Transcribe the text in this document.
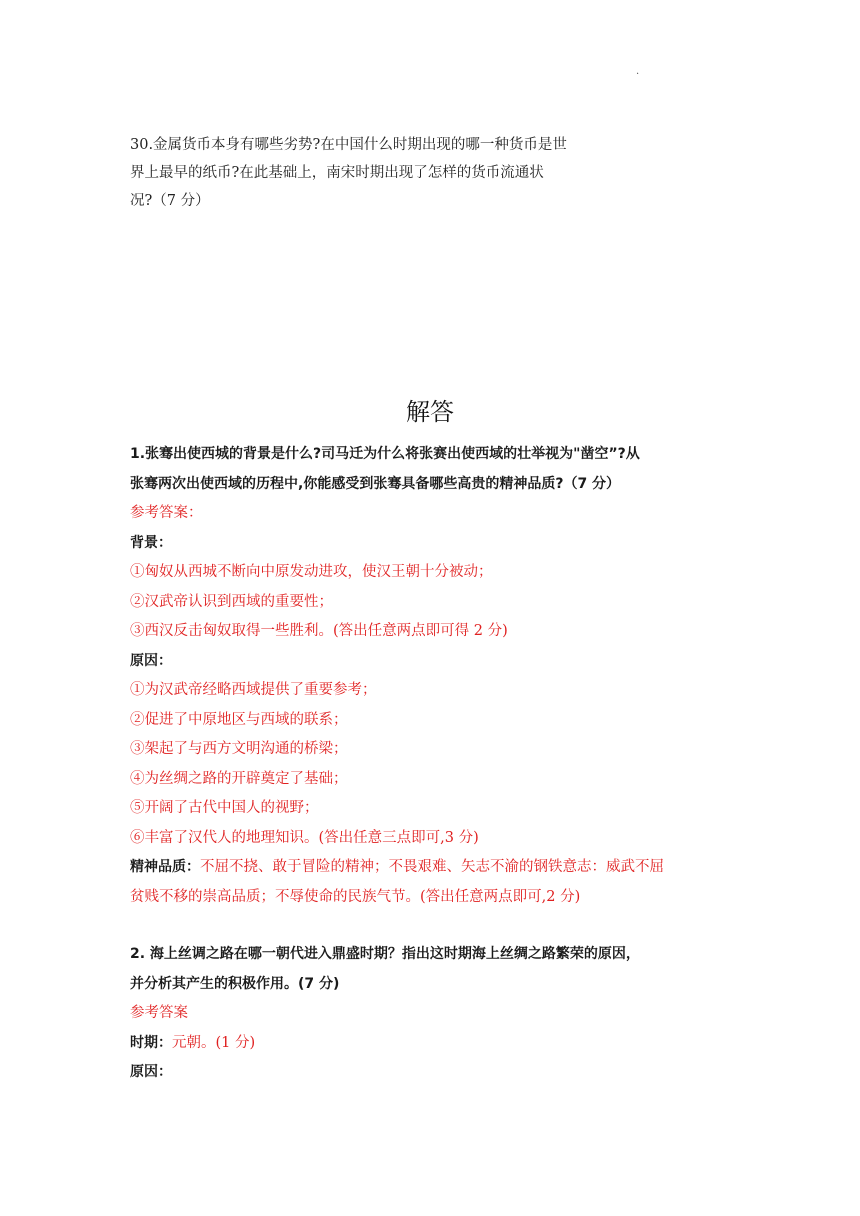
.

30.金属货币本身有哪些劣势?在中国什么时期出现的哪一种货币是世

界上最早的纸币?在此基础上，南宋时期出现了怎样的货币流通状

况?（7 分）

解答
1.张骞出使西城的背景是什么?司马迁为什么将张赛出使西域的壮举视为"凿空”?从
张骞两次出使西域的历程中,你能感受到张骞具备哪些高贵的精神品质?（7 分）
参考答案：
背景：
①匈奴从西城不断向中原发动进攻，使汉王朝十分被动；
②汉武帝认识到西域的重要性；
③西汉反击匈奴取得一些胜利。(答出任意两点即可得 2 分)
原因：
①为汉武帝经略西域提供了重要参考；
②促进了中原地区与西域的联系；
③架起了与西方文明沟通的桥梁；
④为丝绸之路的开辟奠定了基础；
⑤开阔了古代中国人的视野；
⑥丰富了汉代人的地理知识。(答出任意三点即可,3 分)
精神品质：不屈不挠、敢于冒险的精神；不畏艰难、矢志不渝的钢铁意志：威武不屈
贫贱不移的崇高品质；不辱使命的民族气节。(答出任意两点即可,2 分)
2. 海上丝调之路在哪一朝代进入鼎盛时期？指出这时期海上丝绸之路繁荣的原因，
并分析其产生的积极作用。(7 分)
参考答案
时期：元朝。(1 分)
原因：
